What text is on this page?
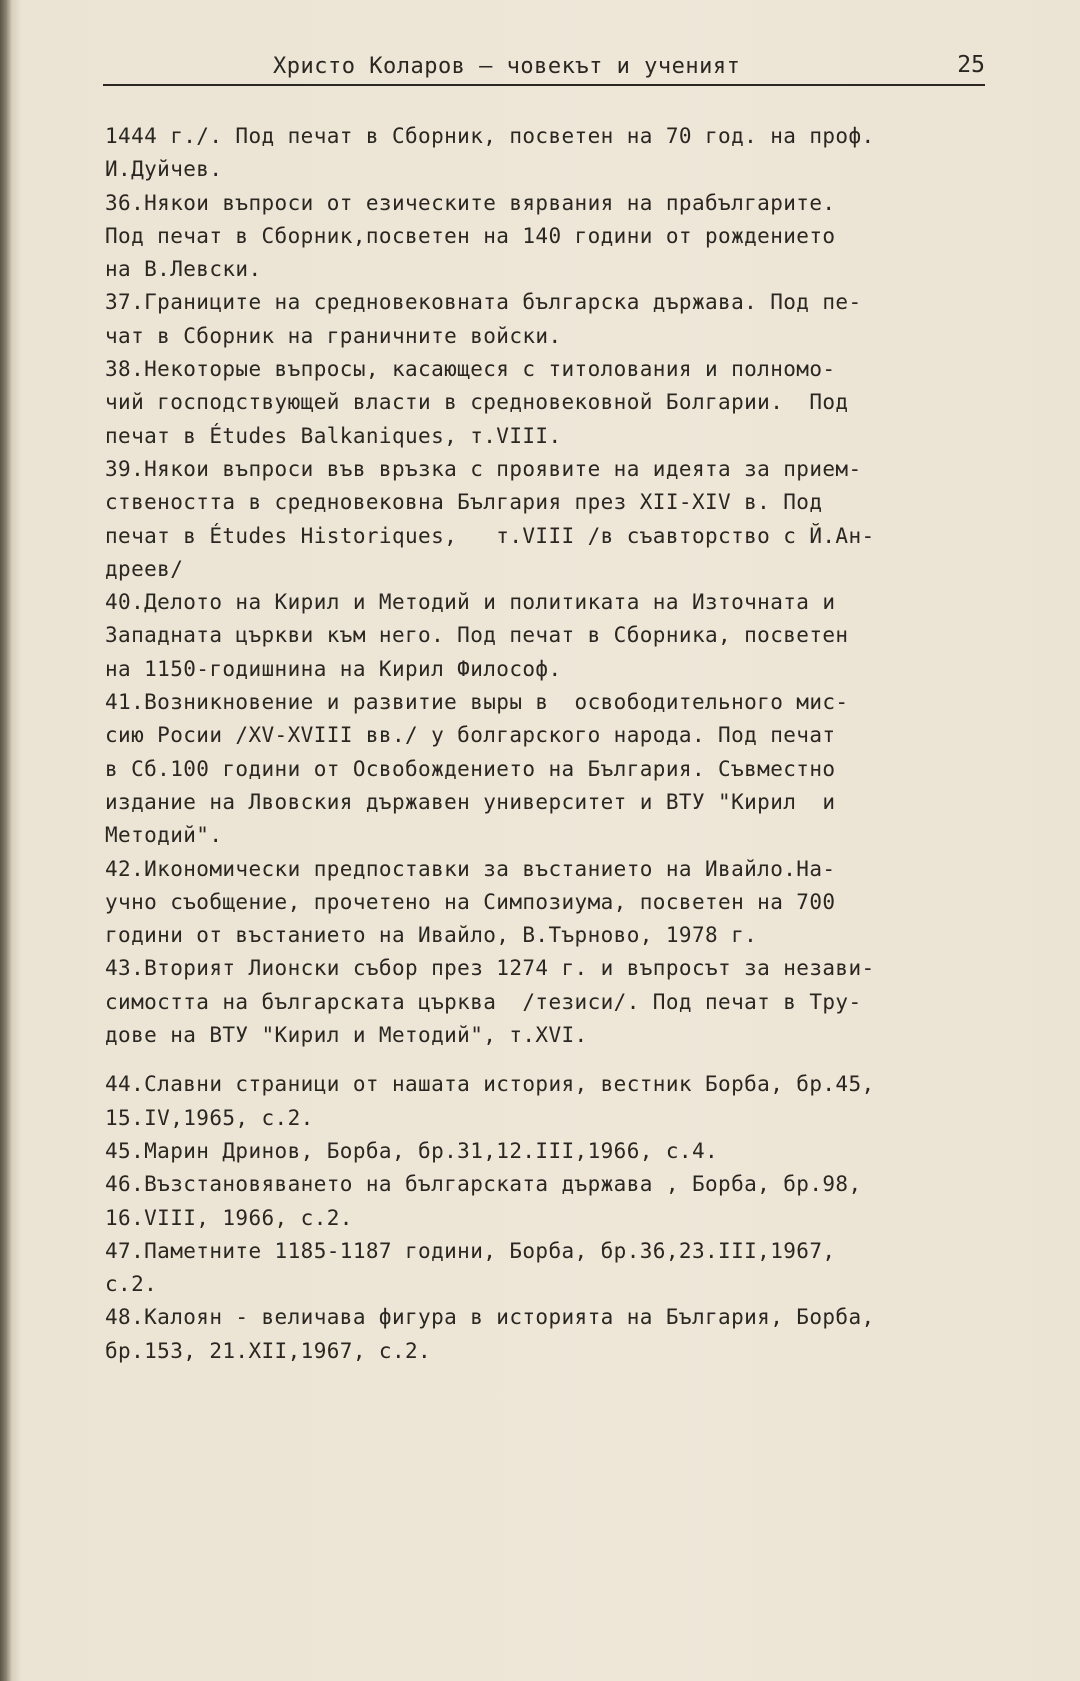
Христо Коларов – човекът и ученият	25
1444 г./. Под печат в Сборник, посветен на 70 год. на проф.
И.Дуйчев.
36.Някои въпроси от езическите вярвания на прабългарите.
Под печат в Сборник,посветен на 140 години от рождението
на В.Левски.
37.Границите на средновековната българска държава. Под пе-
чат в Сборник на граничните войски.
38.Некоторые въпросы, касающеся с титолования и полномо-
чий господствующей власти в средновековной Болгарии.  Под
печат в Études Balkaniques, т.VIII.
39.Някои въпроси във връзка с проявите на идеята за прием-
ствеността в средновековна България през XII-XIV в. Под
печат в Études Historiques,   т.VIII /в съавторство с Й.Ан-
дреев/
40.Делото на Кирил и Методий и политиката на Източната и
Западната църкви към него. Под печат в Сборника, посветен
на 1150-годишнина на Кирил Философ.
41.Возникновение и развитие выры в  освободительного мис-
сию Росии /XV-XVIII вв./ у болгарского народа. Под печат
в Сб.100 години от Освобождението на България. Съвместно
издание на Лвовския държавен университет и ВТУ "Кирил  и
Методий".
42.Икономически предпоставки за въстанието на Ивайло.На-
учно съобщение, прочетено на Симпозиума, посветен на 700
години от въстанието на Ивайло, В.Търново, 1978 г.
43.Вторият Лионски събор през 1274 г. и въпросът за незави-
симостта на българската църква  /тезиси/. Под печат в Тру-
дове на ВТУ "Кирил и Методий", т.XVI.
44.Славни страници от нашата история, вестник Борба, бр.45,
15.IV,1965, с.2.
45.Марин Дринов, Борба, бр.31,12.III,1966, с.4.
46.Възстановяването на българската държава , Борба, бр.98,
16.VIII, 1966, с.2.
47.Паметните 1185-1187 години, Борба, бр.36,23.III,1967,
с.2.
48.Калоян - величава фигура в историята на България, Борба,
бр.153, 21.XII,1967, с.2.
